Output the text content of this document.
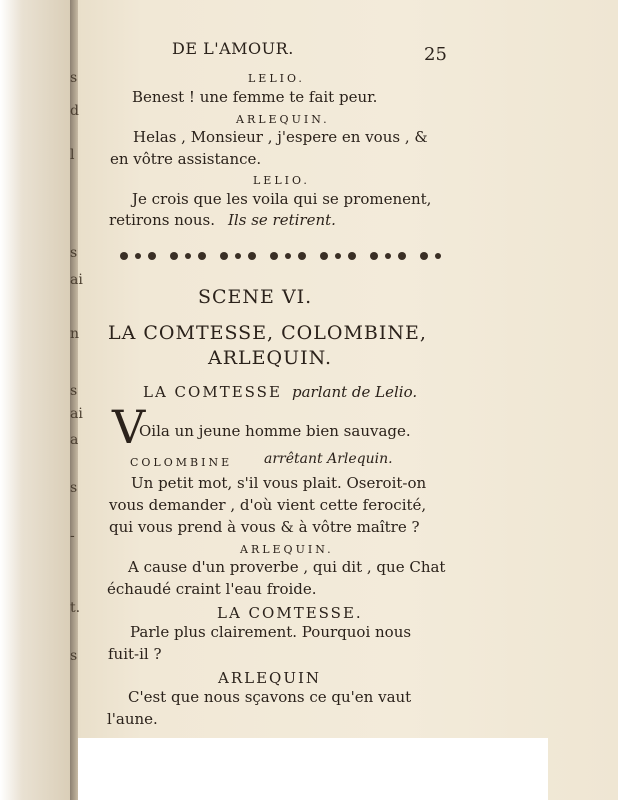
s
d
l
s
ai
n
s
ai
a
s
-
t.
s
DE L'AMOUR.	25
LELIO.
Benest ! une femme te fait peur.
ARLEQUIN.
Helas , Monsieur , j'espere en vous , &
en vôtre assistance.
LELIO.
Je crois que les voila qui se promenent,
retirons nous. Ils se retirent.
SCENE VI.
LA COMTESSE, COLOMBINE,
ARLEQUIN.
LA COMTESSE parlant de Lelio.
V
Oila un jeune homme bien sauvage.
COLOMBINE arrêtant Arlequin.
Un petit mot, s'il vous plait. Oseroit-on
vous demander , d'où vient cette ferocité,
qui vous prend à vous & à vôtre maître ?
ARLEQUIN.
A cause d'un proverbe , qui dit , que Chat
échaudé craint l'eau froide.
LA COMTESSE.
Parle plus clairement. Pourquoi nous
fuit-il ?
ARLEQUIN
C'est que nous sçavons ce qu'en vaut
l'aune.
